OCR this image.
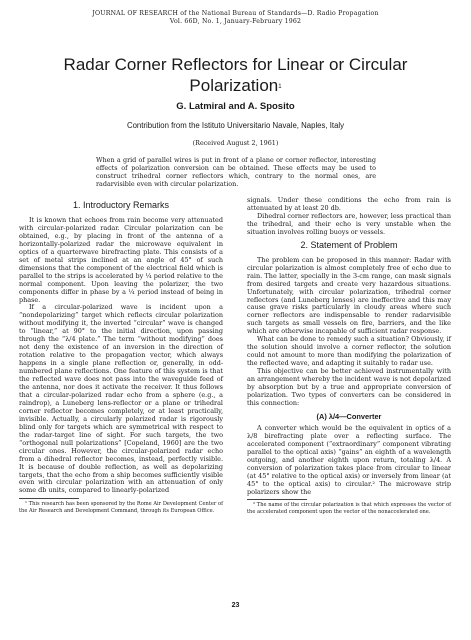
JOURNAL OF RESEARCH of the National Bureau of Standards—D. Radio Propagation
Vol. 66D, No. 1, January-February 1962
Radar Corner Reflectors for Linear or Circular
Polarization$^1$
G. Latmiral and A. Sposito
Contribution from the Istituto Universitario Navale, Naples, Italy
(Received August 2, 1961)
When a grid of parallel wires is put in front of a plane or corner reflector, interesting effects of polarization conversion can be obtained. These effects may be used to construct trihedral corner reflectors which, contrary to the normal ones, are radarvisible even with circular polarization.
1. Introductory Remarks

It is known that echoes from rain become very attenuated with circular-polarized radar. Circular polarization can be obtained, e.g., by placing in front of the antenna of a horizontally-polarized radar the microwave equivalent in optics of a quarterwave birefracting plate. This consists of a set of metal strips inclined at an angle of 45° of such dimensions that the component of the electrical field which is parallel to the strips is accelerated by ¼ period relative to the normal component. Upon leaving the polarizer, the two components differ in phase by a ¼ period instead of being in phase.

If a circular-polarized wave is incident upon a “nondepolarizing” target which reflects circular polarization without modifying it, the inverted “circular” wave is changed to “linear,” at 90° to the initial direction, upon passing through the “λ/4 plate.” The term “without modifying” does not deny the existence of an inversion in the direction of rotation relative to the propagation vector, which always happens in a single plane reflection or, generally, in odd-numbered plane reflections. One feature of this system is that the reflected wave does not pass into the waveguide feed of the antenna, nor does it activate the receiver. It thus follows that a circular-polarized radar echo from a sphere (e.g., a raindrop), a Luneberg lens-reflector or a plane or trihedral corner reflector becomes completely, or at least practically, invisible. Actually, a circularly polarized radar is rigorously blind only for targets which are symmetrical with respect to the radar-target line of sight. For such targets, the two “orthogonal null polarizations” [Copeland, 1960] are the two circular ones. However, the circular-polarized radar echo from a dihedral reflector becomes, instead, perfectly visible. It is because of double reflection, as well as depolarizing targets, that the echo from a ship becomes sufficiently visible even with circular polarization with an attenuation of only some db units, compared to linearly-polarized

¹ This research has been sponsored by the Rome Air Development Center of the Air Research and Development Command, through its European Office.

signals. Under these conditions the echo from rain is attenuated by at least 20 db.

Dihedral corner reflectors are, however, less practical than the trihedral, and their echo is very unstable when the situation involves rolling buoys or vessels.

2. Statement of Problem

The problem can be proposed in this manner: Radar with circular polarization is almost completely free of echo due to rain. The latter, specially in the 3-cm range, can mask signals from desired targets and create very hazardous situations. Unfortunately, with circular polarization, trihedral corner reflectors (and Luneberg lenses) are ineffective and this may cause grave risks particularly in cloudy areas where such corner reflectors are indispensable to render radarvisible such targets as small vessels on fire, barriers, and the like which are otherwise incapable of sufficient radar response.

What can be done to remedy such a situation? Obviously, if the solution should involve a corner reflector, the solution could not amount to more than modifying the polarization of the reflected wave, and adapting it suitably to radar use.

This objective can be better achieved instrumentally with an arrangement whereby the incident wave is not depolarized by absorption but by a true and appropriate conversion of polarization. Two types of converters can be considered in this connection:

(A) λ/4—Converter

A converter which would be the equivalent in optics of a λ/8 birefracting plate over a reflecting surface. The accelerated component (“extraordinary” component vibrating parallel to the optical axis) “gains” an eighth of a wavelength outgoing, and another eighth upon return, totaling λ/4. A conversion of polarization takes place from circular to linear (at 45° relative to the optical axis) or inversely from linear (at 45° to the optical axis) to circular.² The microwave strip polarizers show the

² The name of the circular polarization is that which expresses the vector of the accelerated component upon the vector of the nonaccelerated one.
23
